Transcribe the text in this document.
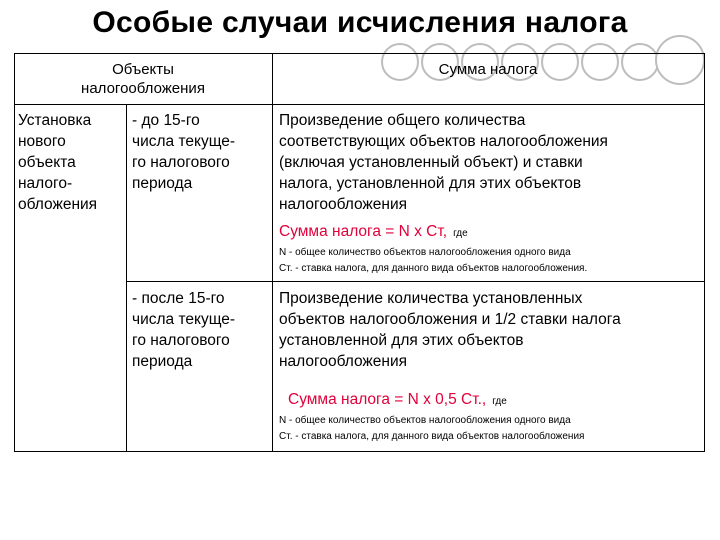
Особые случаи исчисления налога
Объекты
налогообложения
Сумма налога
Установка
нового
объекта
налого-
обложения
- до 15-го
числа текуще-
го налогового
периода
Произведение общего количества
соответствующих объектов налогообложения
(включая установленный объект) и ставки
налога, установленной для этих объектов
налогообложения
Сумма налога = N х Ст, где
N - общее количество объектов налогообложения одного вида
Ст. - ставка налога, для данного вида объектов налогообложения.
- после 15-го
числа текуще-
го налогового
периода
Произведение количества установленных
объектов налогообложения и 1/2 ставки налога
установленной для этих объектов
налогообложения
Сумма налога = N х 0,5 Ст., где
N - общее количество объектов налогообложения одного вида
Ст. - ставка налога, для данного вида объектов налогообложения
